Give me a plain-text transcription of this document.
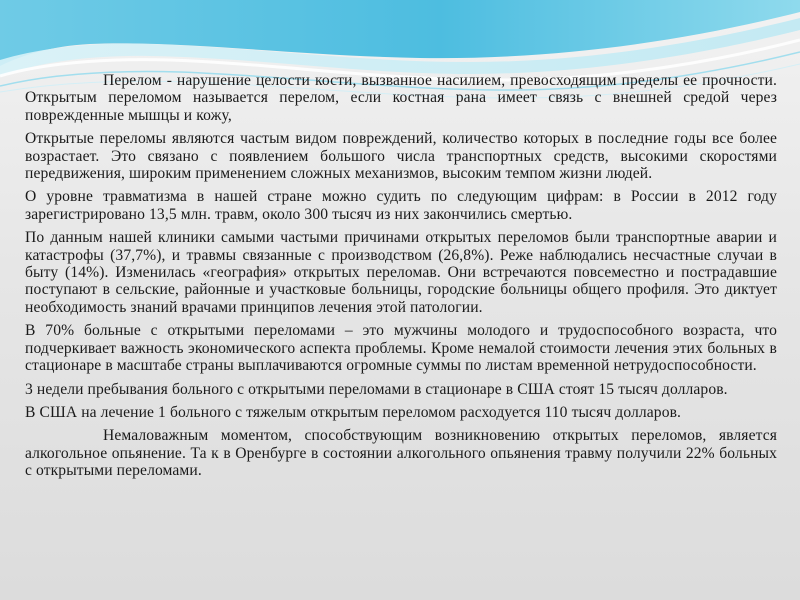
Перелом - нарушение целости кости, вызванное насилием, превосходящим пределы ее прочности. Открытым переломом называется перелом, если костная рана имеет связь с внешней средой через поврежденные мышцы и кожу,

Открытые переломы являются частым видом повреждений, количество которых в последние годы все более возрастает. Это связано с появлением большого числа транспортных средств, высокими скоростями передвижения, широким применением сложных механизмов, высоким темпом жизни людей.

О уровне травматизма в нашей стране можно судить по следующим цифрам: в России в 2012 году зарегистрировано 13,5 млн. травм, около 300 тысяч из них закончились смертью.

По данным нашей клиники самыми частыми причинами открытых переломов были транспортные аварии и катастрофы (37,7%), и травмы связанные с производством (26,8%). Реже наблюдались несчастные случаи в быту (14%). Изменилась «география» открытых переломав. Они встречаются повсеместно и пострадавшие поступают в сельские, районные и участковые больницы, городские больницы общего профиля. Это диктует необходимость знаний врачами принципов лечения этой патологии.

В 70% больные с открытыми переломами – это мужчины молодого и трудоспособного возраста, что подчеркивает важность экономического аспекта проблемы. Кроме немалой стоимости лечения этих больных в стационаре в масштабе страны выплачиваются огромные суммы по листам временной нетрудоспособности.

3 недели пребывания больного с открытыми переломами в стационаре в США стоят 15 тысяч долларов.

В США на лечение 1 больного с тяжелым открытым переломом расходуется 110 тысяч долларов.

Немаловажным моментом, способствующим возникновению открытых переломов, является алкогольное опьянение. Та к в Оренбурге в состоянии алкогольного опьянения травму получили 22% больных с открытыми переломами.
